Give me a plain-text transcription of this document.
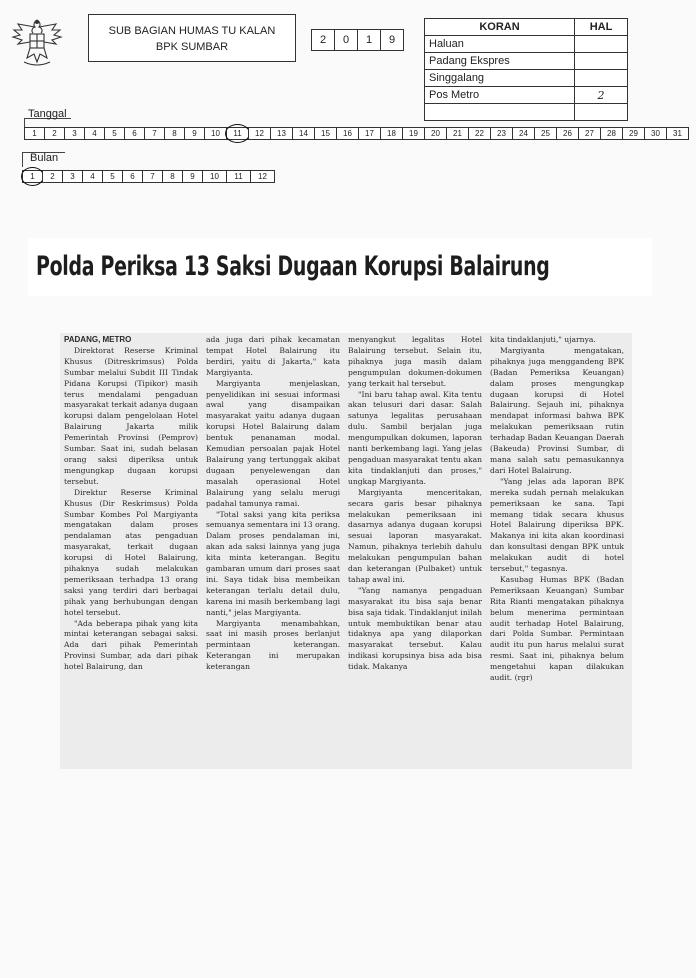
SUB BAGIAN HUMAS TU KALAN
BPK SUMBAR
2	0	1	9
KORAN	HAL
Haluan	
Padang Ekspres	
Singgalang	
Pos Metro	2

Tanggal
1	2	3	4	5	6	7	8	9	10	11	12	13	14	15	16	17	18	19	20	21	22	23	24	25	26	27	28	29	30	31
Bulan
1	2	3	4	5	6	7	8	9	10	11	12
Polda Periksa 13 Saksi Dugaan Korupsi Balairung
PADANG, METRO

Direktorat Reserse Kriminal Khusus (Ditreskrimsus) Polda Sumbar melalui Subdit III Tindak Pidana Korupsi (Tipikor) masih terus mendalami pengaduan masyarakat terkait adanya dugaan korupsi dalam pengelolaan Hotel Balairung Jakarta milik Pemerintah Provinsi (Pemprov) Sumbar. Saat ini, sudah belasan orang saksi diperiksa untuk mengungkap dugaan korupsi tersebut.

Direktur Reserse Kriminal Khusus (Dir Reskrimsus) Polda Sumbar Kombes Pol Margiyanta mengatakan dalam proses pendalaman atas pengaduan masyarakat, terkait dugaan korupsi di Hotel Balairung, pihaknya sudah melakukan pemeriksaan terhadpa 13 orang saksi yang terdiri dari berbagai pihak yang berhubungan dengan hotel tersebut.

"Ada beberapa pihak yang kita mintai keterangan sebagai saksi. Ada dari pihak Pemerintah Provinsi Sumbar, ada dari pihak hotel Balairung, dan

ada juga dari pihak kecamatan tempat Hotel Balairung itu berdiri, yaitu di Jakarta," kata Margiyanta.

Margiyanta menjelaskan, penyelidikan ini sesuai informasi awal yang disampaikan masyarakat yaitu adanya dugaan korupsi Hotel Balairung dalam bentuk penanaman modal. Kemudian persoalan pajak Hotel Balairung yang tertunggak akibat dugaan penyelewengan dan masalah operasional Hotel Balairung yang selalu merugi padahal tamunya ramai.

"Total saksi yang kita periksa semuanya sementara ini 13 orang. Dalam proses pendalaman ini, akan ada saksi lainnya yang juga kita minta keterangan. Begitu gambaran umum dari proses saat ini. Saya tidak bisa membeikan keterangan terlalu detail dulu, karena ini masih berkembang lagi nanti," jelas Margiyanta.

Margiyanta menambahkan, saat ini masih proses berlanjut permintaan keterangan. Keterangan ini merupakan keterangan

menyangkut legalitas Hotel Balairung tersebut. Selain itu, pihaknya juga masih dalam pengumpulan dokumen-dokumen yang terkait hal tersebut.

"Ini baru tahap awal. Kita tentu akan telusuri dari dasar. Salah satunya legalitas perusahaan dulu. Sambil berjalan juga mengumpulkan dokumen, laporan nanti berkembang lagi. Yang jelas pengaduan masyarakat tentu akan kita tindaklanjuti dan proses," ungkap Margiyanta.

Margiyanta menceritakan, secara garis besar pihaknya melakukan pemeriksaan ini dasarnya adanya dugaan korupsi sesuai laporan masyarakat. Namun, pihaknya terlebih dahulu melakukan pengumpulan bahan dan keterangan (Pulbaket) untuk tahap awal ini.

"Yang namanya pengaduan masyarakat itu bisa saja benar bisa saja tidak. Tindaklanjut inilah untuk membuktikan benar atau tidaknya apa yang dilaporkan masyarakat tersebut. Kalau indikasi korupsinya bisa ada bisa tidak. Makanya

kita tindaklanjuti," ujarnya.

Margiyanta mengatakan, pihaknya juga menggandeng BPK (Badan Pemeriksa Keuangan) dalam proses mengungkap dugaan korupsi di Hotel Balairung. Sejauh ini, pihaknya mendapat informasi bahwa BPK melakukan pemeriksaan rutin terhadap Badan Keuangan Daerah (Bakeuda) Provinsi Sumbar, di mana salah satu pemasukannya dari Hotel Balairung.

"Yang jelas ada laporan BPK mereka sudah pernah melakukan pemeriksaan ke sana. Tapi memang tidak secara khusus Hotel Balairung diperiksa BPK. Makanya ini kita akan koordinasi dan konsultasi dengan BPK untuk melakukan audit di hotel tersebut," tegasnya.

Kasubag Humas BPK (Badan Pemeriksaan Keuangan) Sumbar Rita Rianti mengatakan pihaknya belum menerima permintaan audit terhadap Hotel Balairung, dari Polda Sumbar. Permintaan audit itu pun harus melalui surat resmi. Saat ini, pihaknya belum mengetahui kapan dilakukan audit. (rgr)
